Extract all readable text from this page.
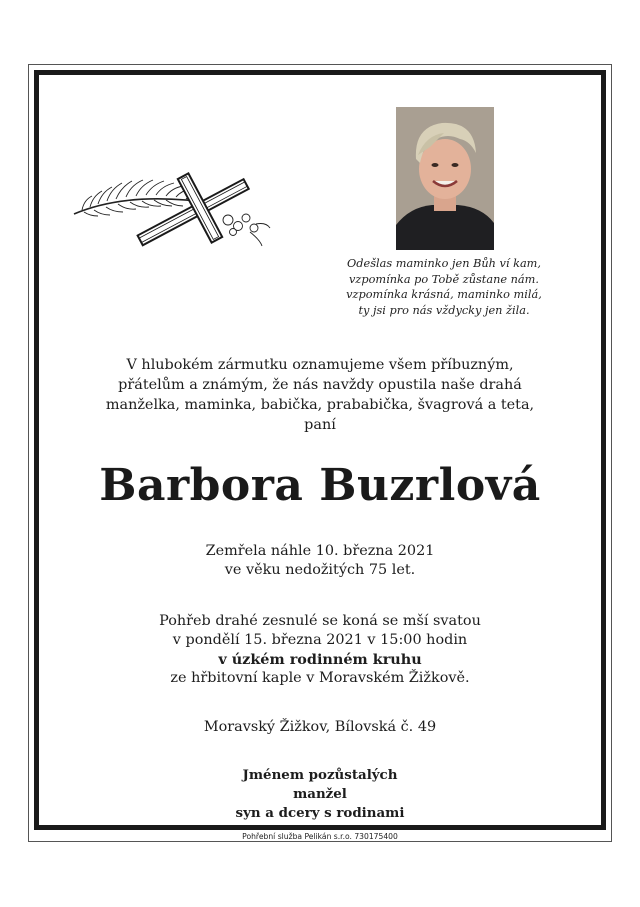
Odešlas maminko jen Bůh ví kam,
vzpomínka po Tobě zůstane nám.
vzpomínka krásná, maminko milá,
ty jsi pro nás vždycky jen žila.
V hlubokém zármutku oznamujeme všem příbuzným,
přátelům a známým, že nás navždy opustila naše drahá
manželka, maminka, babička, prababička, švagrová a teta,
paní
Barbora Buzrlová
Zemřela náhle 10. března 2021
ve věku nedožitých 75 let.
Pohřeb drahé zesnulé se koná se mší svatou
v pondělí 15. března 2021 v 15:00 hodin
v úzkém rodinném kruhu
ze hřbitovní kaple v Moravském Žižkově.
Moravský Žižkov, Bílovská č. 49
Jménem pozůstalých
manžel
syn a dcery s rodinami
Pohřební služba Pelikán s.r.o. 730175400
